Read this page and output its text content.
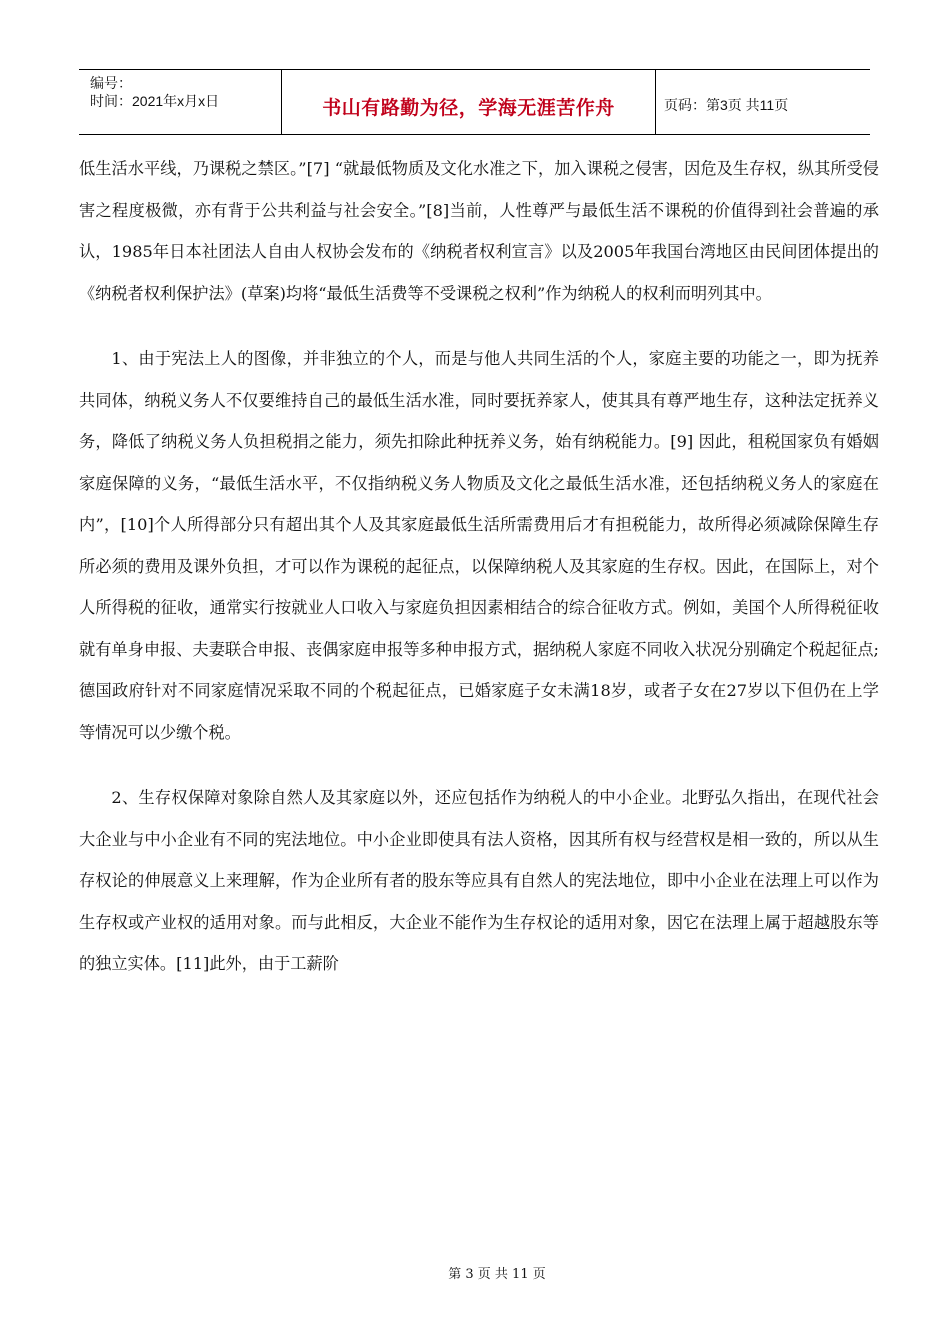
编号：
时间：2021年x月x日	书山有路勤为径，学海无涯苦作舟	页码：第3页 共11页

低生活水平线，乃课税之禁区。”[7] “就最低物质及文化水准之下，加入课税之侵害，因危及生存权，纵其所受侵害之程度极微，亦有背于公共利益与社会安全。”[8]当前，人性尊严与最低生活不课税的价值得到社会普遍的承认，1985年日本社团法人自由人权协会发布的《纳税者权利宣言》以及2005年我国台湾地区由民间团体提出的《纳税者权利保护法》(草案)均将“最低生活费等不受课税之权利”作为纳税人的权利而明列其中。

1、由于宪法上人的图像，并非独立的个人，而是与他人共同生活的个人，家庭主要的功能之一，即为抚养共同体，纳税义务人不仅要维持自己的最低生活水准，同时要抚养家人，使其具有尊严地生存，这种法定抚养义务，降低了纳税义务人负担税捐之能力，须先扣除此种抚养义务，始有纳税能力。[9] 因此，租税国家负有婚姻家庭保障的义务，“最低生活水平，不仅指纳税义务人物质及文化之最低生活水准，还包括纳税义务人的家庭在内”，[10]个人所得部分只有超出其个人及其家庭最低生活所需费用后才有担税能力，故所得必须减除保障生存所必须的费用及课外负担，才可以作为课税的起征点，以保障纳税人及其家庭的生存权。因此，在国际上，对个人所得税的征收，通常实行按就业人口收入与家庭负担因素相结合的综合征收方式。例如，美国个人所得税征收就有单身申报、夫妻联合申报、丧偶家庭申报等多种申报方式，据纳税人家庭不同收入状况分别确定个税起征点;德国政府针对不同家庭情况采取不同的个税起征点，已婚家庭子女未满18岁，或者子女在27岁以下但仍在上学等情况可以少缴个税。

2、生存权保障对象除自然人及其家庭以外，还应包括作为纳税人的中小企业。北野弘久指出，在现代社会大企业与中小企业有不同的宪法地位。中小企业即使具有法人资格，因其所有权与经营权是相一致的，所以从生存权论的伸展意义上来理解，作为企业所有者的股东等应具有自然人的宪法地位，即中小企业在法理上可以作为生存权或产业权的适用对象。而与此相反，大企业不能作为生存权论的适用对象，因它在法理上属于超越股东等的独立实体。[11]此外，由于工薪阶

第 3 页 共 11 页
